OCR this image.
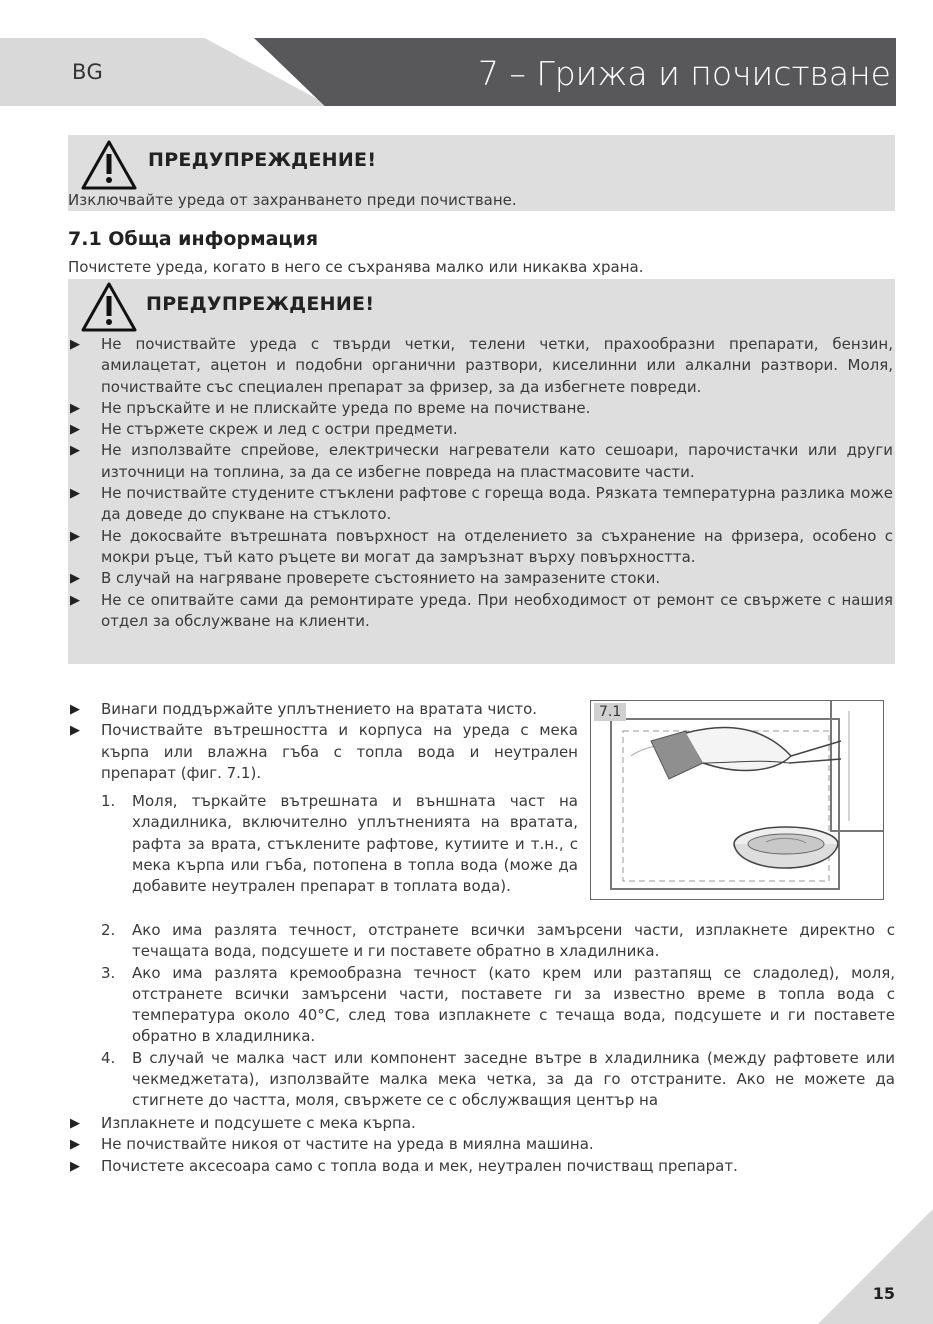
BG	7 – Грижа и почистване
ПРЕДУПРЕЖДЕНИЕ!
Изключвайте уреда от захранването преди почистване.
7.1 Обща информация
Почистете уреда, когато в него се съхранява малко или никаква храна.
ПРЕДУПРЕЖДЕНИЕ!
▶ Не почиствайте уреда с твърди четки, телени четки, прахообразни препарати, бензин, амилацетат, ацетон и подобни органични разтвори, киселинни или алкални разтвори. Моля, почиствайте със специален препарат за фризер, за да избегнете повреди.
▶ Не пръскайте и не плискайте уреда по време на почистване.
▶ Не стържете скреж и лед с остри предмети.
▶ Не използвайте спрейове, електрически нагреватели като сешоари, парочистачки или други източници на топлина, за да се избегне повреда на пластмасовите части.
▶ Не почиствайте студените стъклени рафтове с гореща вода. Рязката температурна разлика може да доведе до спукване на стъклото.
▶ Не докосвайте вътрешната повърхност на отделението за съхранение на фризера, особено с мокри ръце, тъй като ръцете ви могат да замръзнат върху повърхността.
▶ В случай на нагряване проверете състоянието на замразените стоки.
▶ Не се опитвайте сами да ремонтирате уреда. При необходимост от ремонт се свържете с нашия отдел за обслужване на клиенти.
7.1
▶ Винаги поддържайте уплътнението на вратата чисто.
▶ Почиствайте вътрешността и корпуса на уреда с мека кърпа или влажна гъба с топла вода и неутрален препарат (фиг. 7.1).
1. Моля, търкайте вътрешната и външната част на хладилника, включително уплътненията на вратата, рафта за врата, стъклените рафтове, кутиите и т.н., с мека кърпа или гъба, потопена в топла вода (може да добавите неутрален препарат в топлата вода).
2. Ако има разлята течност, отстранете всички замърсени части, изплакнете директно с течащата вода, подсушете и ги поставете обратно в хладилника.
3. Ако има разлята кремообразна течност (като крем или разтапящ се сладолед), моля, отстранете всички замърсени части, поставете ги за известно време в топла вода с температура около 40°C, след това изплакнете с течаща вода, подсушете и ги поставете обратно в хладилника.
4. В случай че малка част или компонент заседне вътре в хладилника (между рафтовете или чекмеджетата), използвайте малка мека четка, за да го отстраните. Ако не можете да стигнете до частта, моля, свържете се с обслужващия център на
▶ Изплакнете и подсушете с мека кърпа.
▶ Не почиствайте никоя от частите на уреда в миялна машина.
▶ Почистете аксесоара само с топла вода и мек, неутрален почистващ препарат.
15
